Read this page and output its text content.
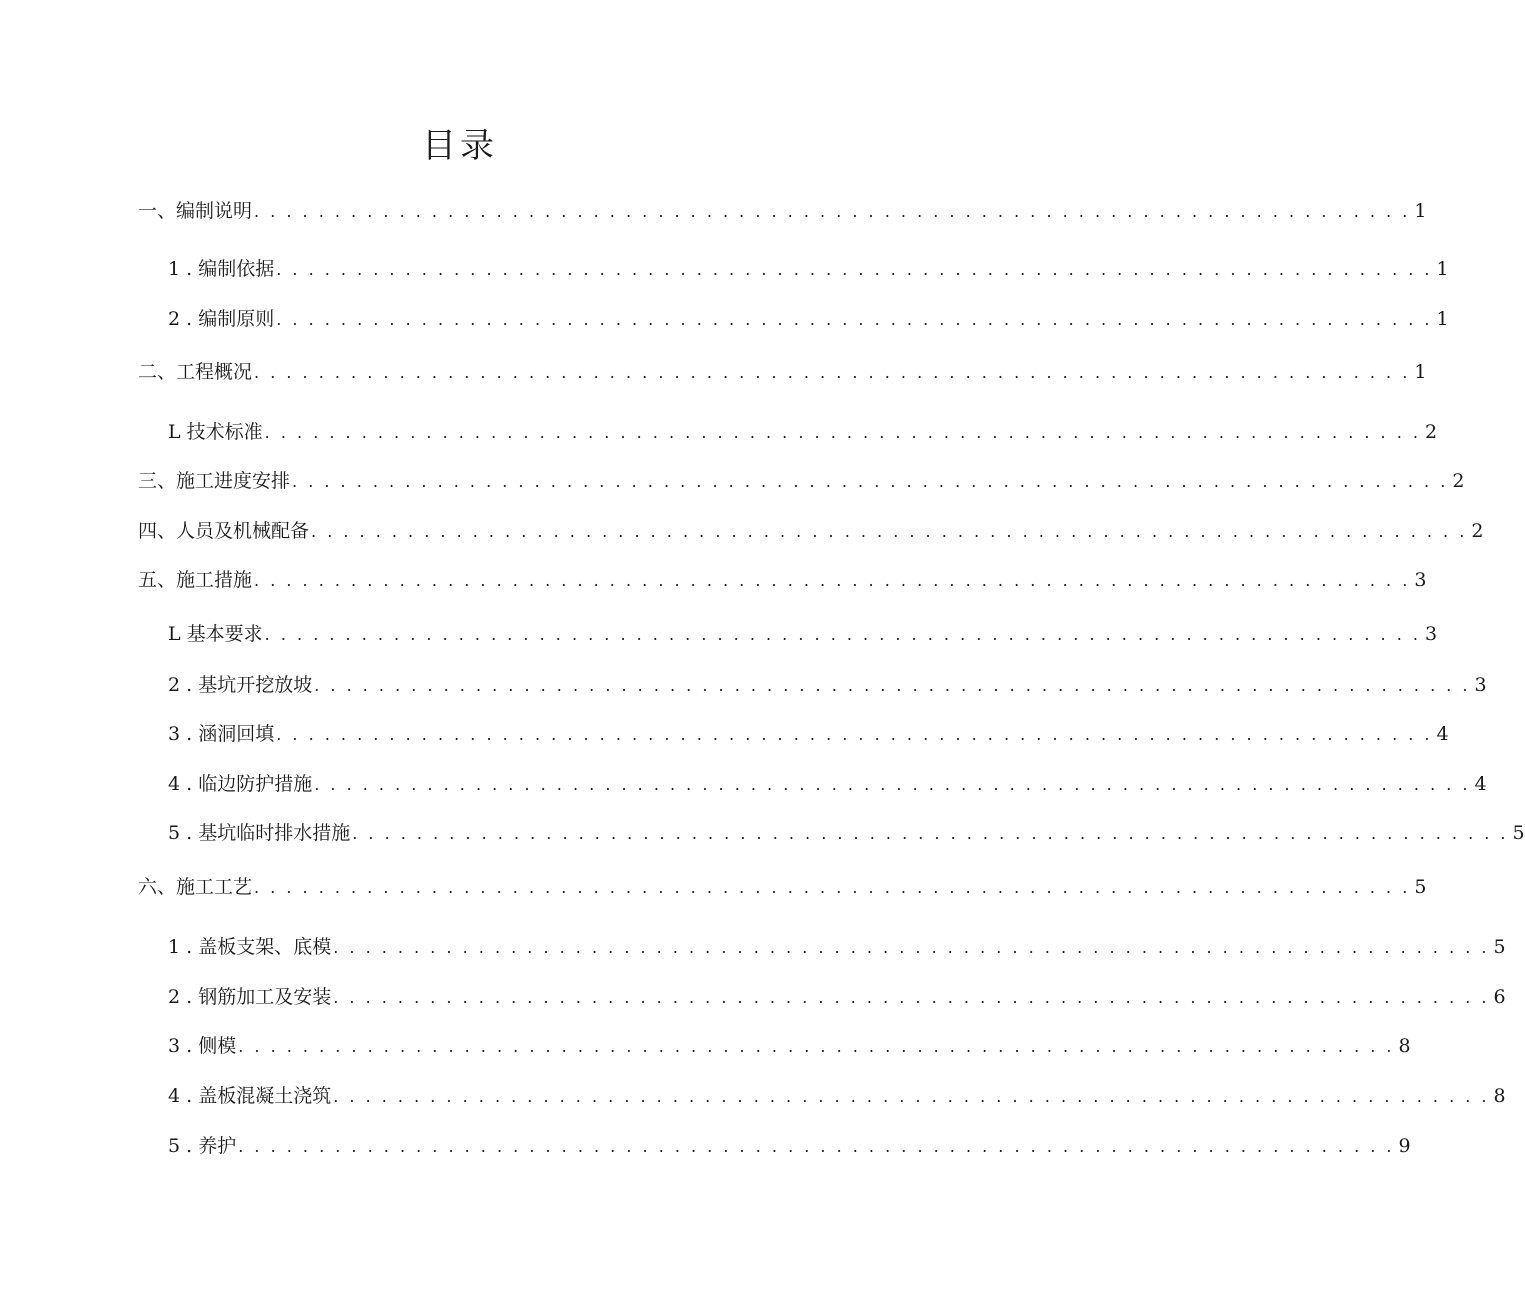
目录
一、编制说明 . . . . . . . . . . . . . . . . . . . . . . . . . . . . . . . . . . . . . . . . . . . . . . . . . . . . . . . . . . . . . . . . . . . . . . . . 1
1 . 编制依据 . . . . . . . . . . . . . . . . . . . . . . . . . . . . . . . . . . . . . . . . . . . . . . . . . . . . . . . . . . . . . . . . . . . . . . . . 1
2 . 编制原则 . . . . . . . . . . . . . . . . . . . . . . . . . . . . . . . . . . . . . . . . . . . . . . . . . . . . . . . . . . . . . . . . . . . . . . . . 1
二、工程概况 . . . . . . . . . . . . . . . . . . . . . . . . . . . . . . . . . . . . . . . . . . . . . . . . . . . . . . . . . . . . . . . . . . . . . . . . 1
L 技术标准 . . . . . . . . . . . . . . . . . . . . . . . . . . . . . . . . . . . . . . . . . . . . . . . . . . . . . . . . . . . . . . . . . . . . . . . . 2
三、施工进度安排 . . . . . . . . . . . . . . . . . . . . . . . . . . . . . . . . . . . . . . . . . . . . . . . . . . . . . . . . . . . . . . . . . . . . . . . . 2
四、人员及机械配备 . . . . . . . . . . . . . . . . . . . . . . . . . . . . . . . . . . . . . . . . . . . . . . . . . . . . . . . . . . . . . . . . . . . . . . . . 2
五、施工措施 . . . . . . . . . . . . . . . . . . . . . . . . . . . . . . . . . . . . . . . . . . . . . . . . . . . . . . . . . . . . . . . . . . . . . . . . 3
L 基本要求 . . . . . . . . . . . . . . . . . . . . . . . . . . . . . . . . . . . . . . . . . . . . . . . . . . . . . . . . . . . . . . . . . . . . . . . . 3
2 . 基坑开挖放坡 . . . . . . . . . . . . . . . . . . . . . . . . . . . . . . . . . . . . . . . . . . . . . . . . . . . . . . . . . . . . . . . . . . . . . . . . 3
3 . 涵洞回填 . . . . . . . . . . . . . . . . . . . . . . . . . . . . . . . . . . . . . . . . . . . . . . . . . . . . . . . . . . . . . . . . . . . . . . . . 4
4 . 临边防护措施 . . . . . . . . . . . . . . . . . . . . . . . . . . . . . . . . . . . . . . . . . . . . . . . . . . . . . . . . . . . . . . . . . . . . . . . . 4
5 . 基坑临时排水措施 . . . . . . . . . . . . . . . . . . . . . . . . . . . . . . . . . . . . . . . . . . . . . . . . . . . . . . . . . . . . . . . . . . . . . . . . 5
六、施工工艺 . . . . . . . . . . . . . . . . . . . . . . . . . . . . . . . . . . . . . . . . . . . . . . . . . . . . . . . . . . . . . . . . . . . . . . . . 5
1 . 盖板支架、底模 . . . . . . . . . . . . . . . . . . . . . . . . . . . . . . . . . . . . . . . . . . . . . . . . . . . . . . . . . . . . . . . . . . . . . . . . 5
2 . 钢筋加工及安装 . . . . . . . . . . . . . . . . . . . . . . . . . . . . . . . . . . . . . . . . . . . . . . . . . . . . . . . . . . . . . . . . . . . . . . . . 6
3 . 侧模 . . . . . . . . . . . . . . . . . . . . . . . . . . . . . . . . . . . . . . . . . . . . . . . . . . . . . . . . . . . . . . . . . . . . . . . . 8
4 . 盖板混凝土浇筑 . . . . . . . . . . . . . . . . . . . . . . . . . . . . . . . . . . . . . . . . . . . . . . . . . . . . . . . . . . . . . . . . . . . . . . . . 8
5 . 养护 . . . . . . . . . . . . . . . . . . . . . . . . . . . . . . . . . . . . . . . . . . . . . . . . . . . . . . . . . . . . . . . . . . . . . . . . 9
